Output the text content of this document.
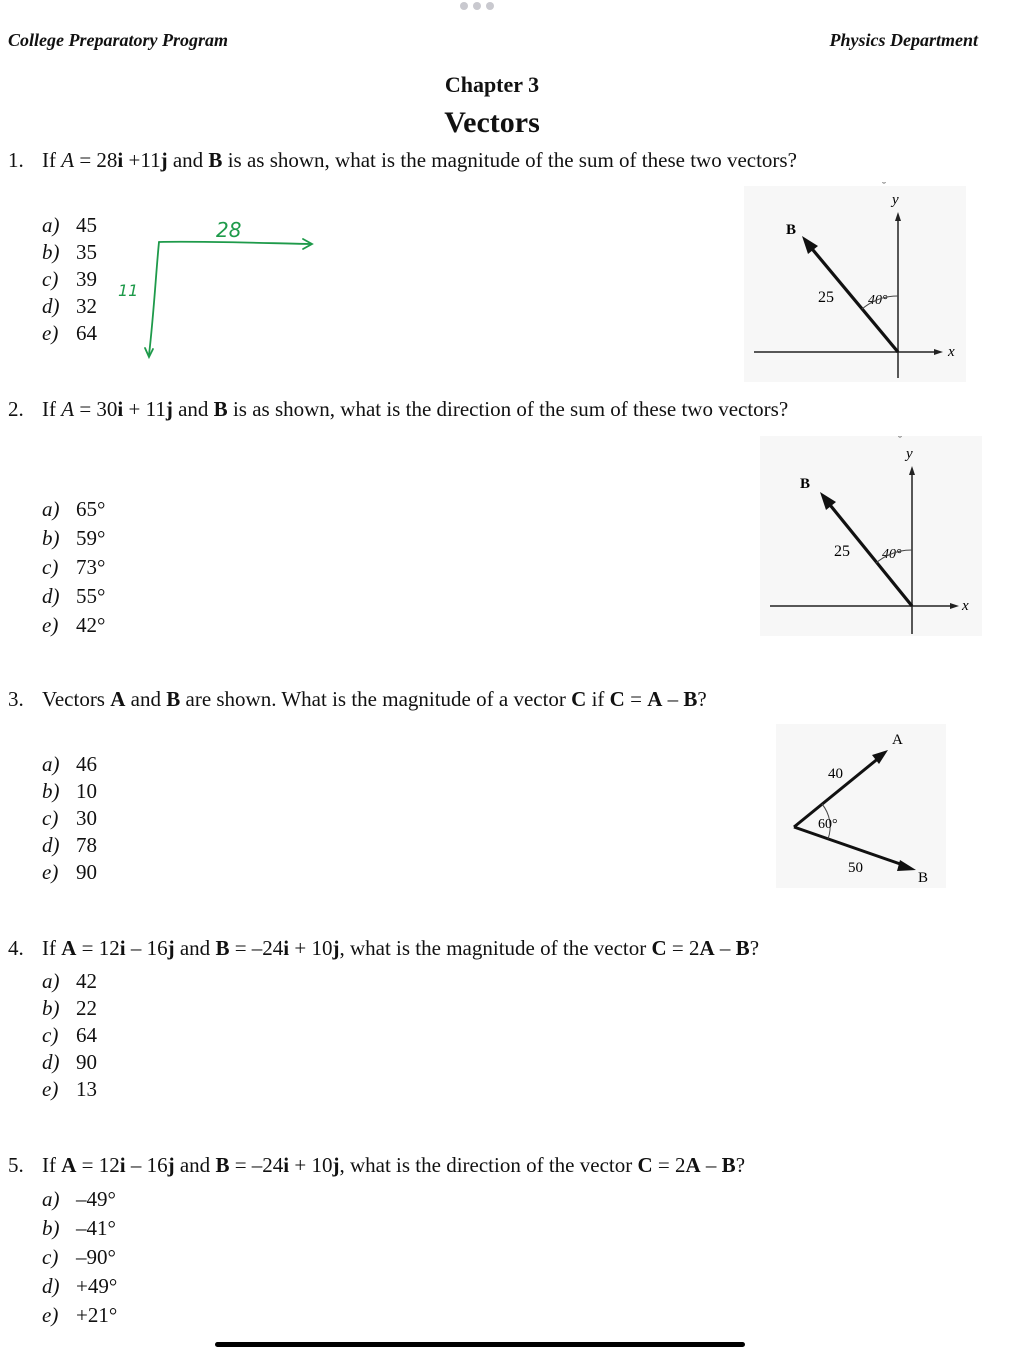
College Preparatory Program	Physics Department
Chapter 3
Vectors
1. If A = 28i +11j and B is as shown, what is the magnitude of the sum of these two vectors?
a) 45
b) 35
c) 39
d) 32
e) 64
28
11
y
x
B
25 40°
˘
2. If A = 30i + 11j and B is as shown, what is the direction of the sum of these two vectors?
a) 65°
b) 59°
c) 73°
d) 55°
e) 42°
y
x
B
25 40°
˘
3. Vectors A and B are shown. What is the magnitude of a vector C if C = A – B?
a) 46
b) 10
c) 30
d) 78
e) 90
A
40
60°
50
B
4. If A = 12i – 16j and B = –24i + 10j, what is the magnitude of the vector C = 2A – B?
a) 42
b) 22
c) 64
d) 90
e) 13
5. If A = 12i – 16j and B = –24i + 10j, what is the direction of the vector C = 2A – B?
a) –49°
b) –41°
c) –90°
d) +49°
e) +21°
